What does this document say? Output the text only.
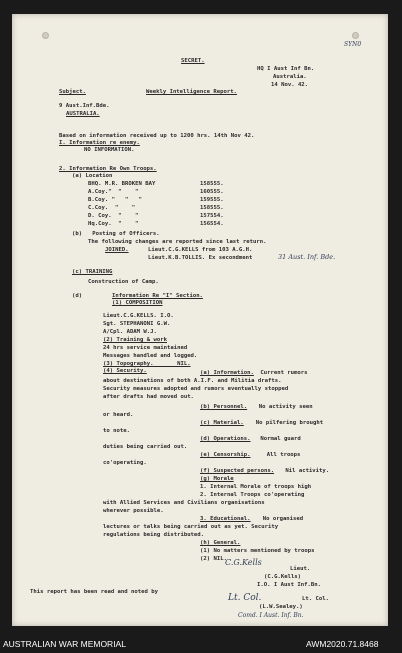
SYN0
SECRET.
HQ I Aust Inf Bn.
Australia.
14 Nov. 42.
Subject.	Weekly Intelligence Report.
9 Aust.Inf.Bde.
AUSTRALIA.
Based on information received up to 1200 hrs. 14th Nov 42.
I. Information re enemy.
NO INFORMATION.
2. Information Re Own Troops.
(a) Location
BHQ. M.R. BROKEN BAY	158555.
A.Coy."  "    "	160555.
B.Coy. "   "   "	159555.
C.Coy.  "    "	158555.
D. Coy.  "    "	157554.
Hq.Coy.  "    "	156554.
(b)   Posting of Officers.
The following changes are reported since last return.
JOINED.	Lieut.C.G.KELLS from 103 A.G.H.
Lieut.K.B.TOLLIS. Ex secondment	31 Aust. Inf. Bde.
(c) TRAINING
Construction of Camp.
(d)	Information Re "I" Section.
(1) COMPOSITION
Lieut.C.G.KELLS. I.O.
Sgt. STEPHANONI G.W.
A/Cpl. ADAM W.J.
(2) Training & work
24 hrs service maintained
Messages handled and logged.
(3) Topography.       NIL.
(4) Security.	(a) Information. Current rumors
about destinations of both A.I.F. and Militia drafts.
Security measures adopted and rumors eventually stopped
after drafts had moved out.
(b) Personnel. No activity seen
or heard.
(c) Material. No pilfering brought
to note.
(d) Operations. Normal guard
duties being carried out.
(e) Censorship. All troops
co'operating.
(f) Suspected persons. Nil activity.
(g) Morale
1. Internal Morale of troops high
2. Internal Troops co'operating
with Allied Services and Civilians organisations
wherever possible.
3. Educational. No organised
lectures or talks being carried out as yet. Security
regulations being distributed.
(h) General.
(1) No matters mentioned by troops
(2) NIL.
C.G.Kells
Lieut.
(C.G.Kells)
I.O. I Aust Inf.Bn.
This report has been read and noted by
Lt. Col.	Lt. Col.
(L.W.Sealey.)
Comd. I Aust. Inf. Bn.
AUSTRALIAN WAR MEMORIAL	AWM2020.71.8468
